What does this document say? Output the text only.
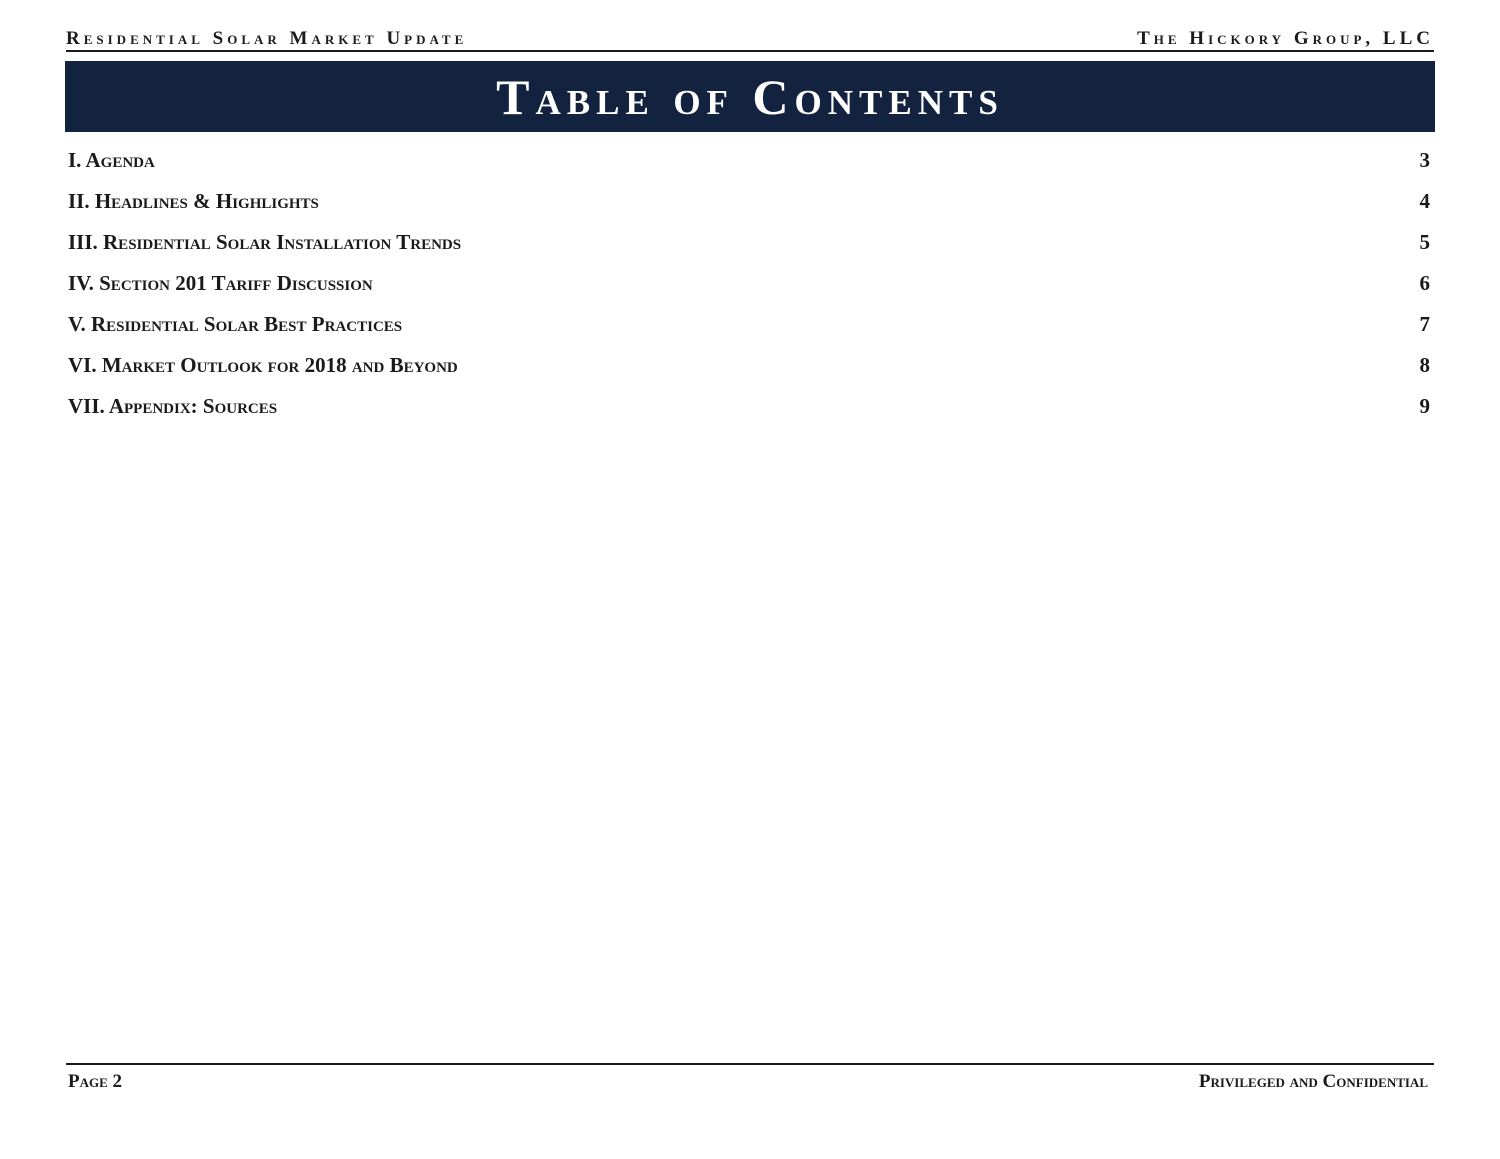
Residential Solar Market Update	The Hickory Group, LLC
Table of Contents
I. Agenda	3
II. Headlines & Highlights	4
III. Residential Solar Installation Trends	5
IV. Section 201 Tariff Discussion	6
V. Residential Solar Best Practices	7
VI. Market Outlook for 2018 and Beyond	8
VII. Appendix: Sources	9
Page 2	Privileged and Confidential
